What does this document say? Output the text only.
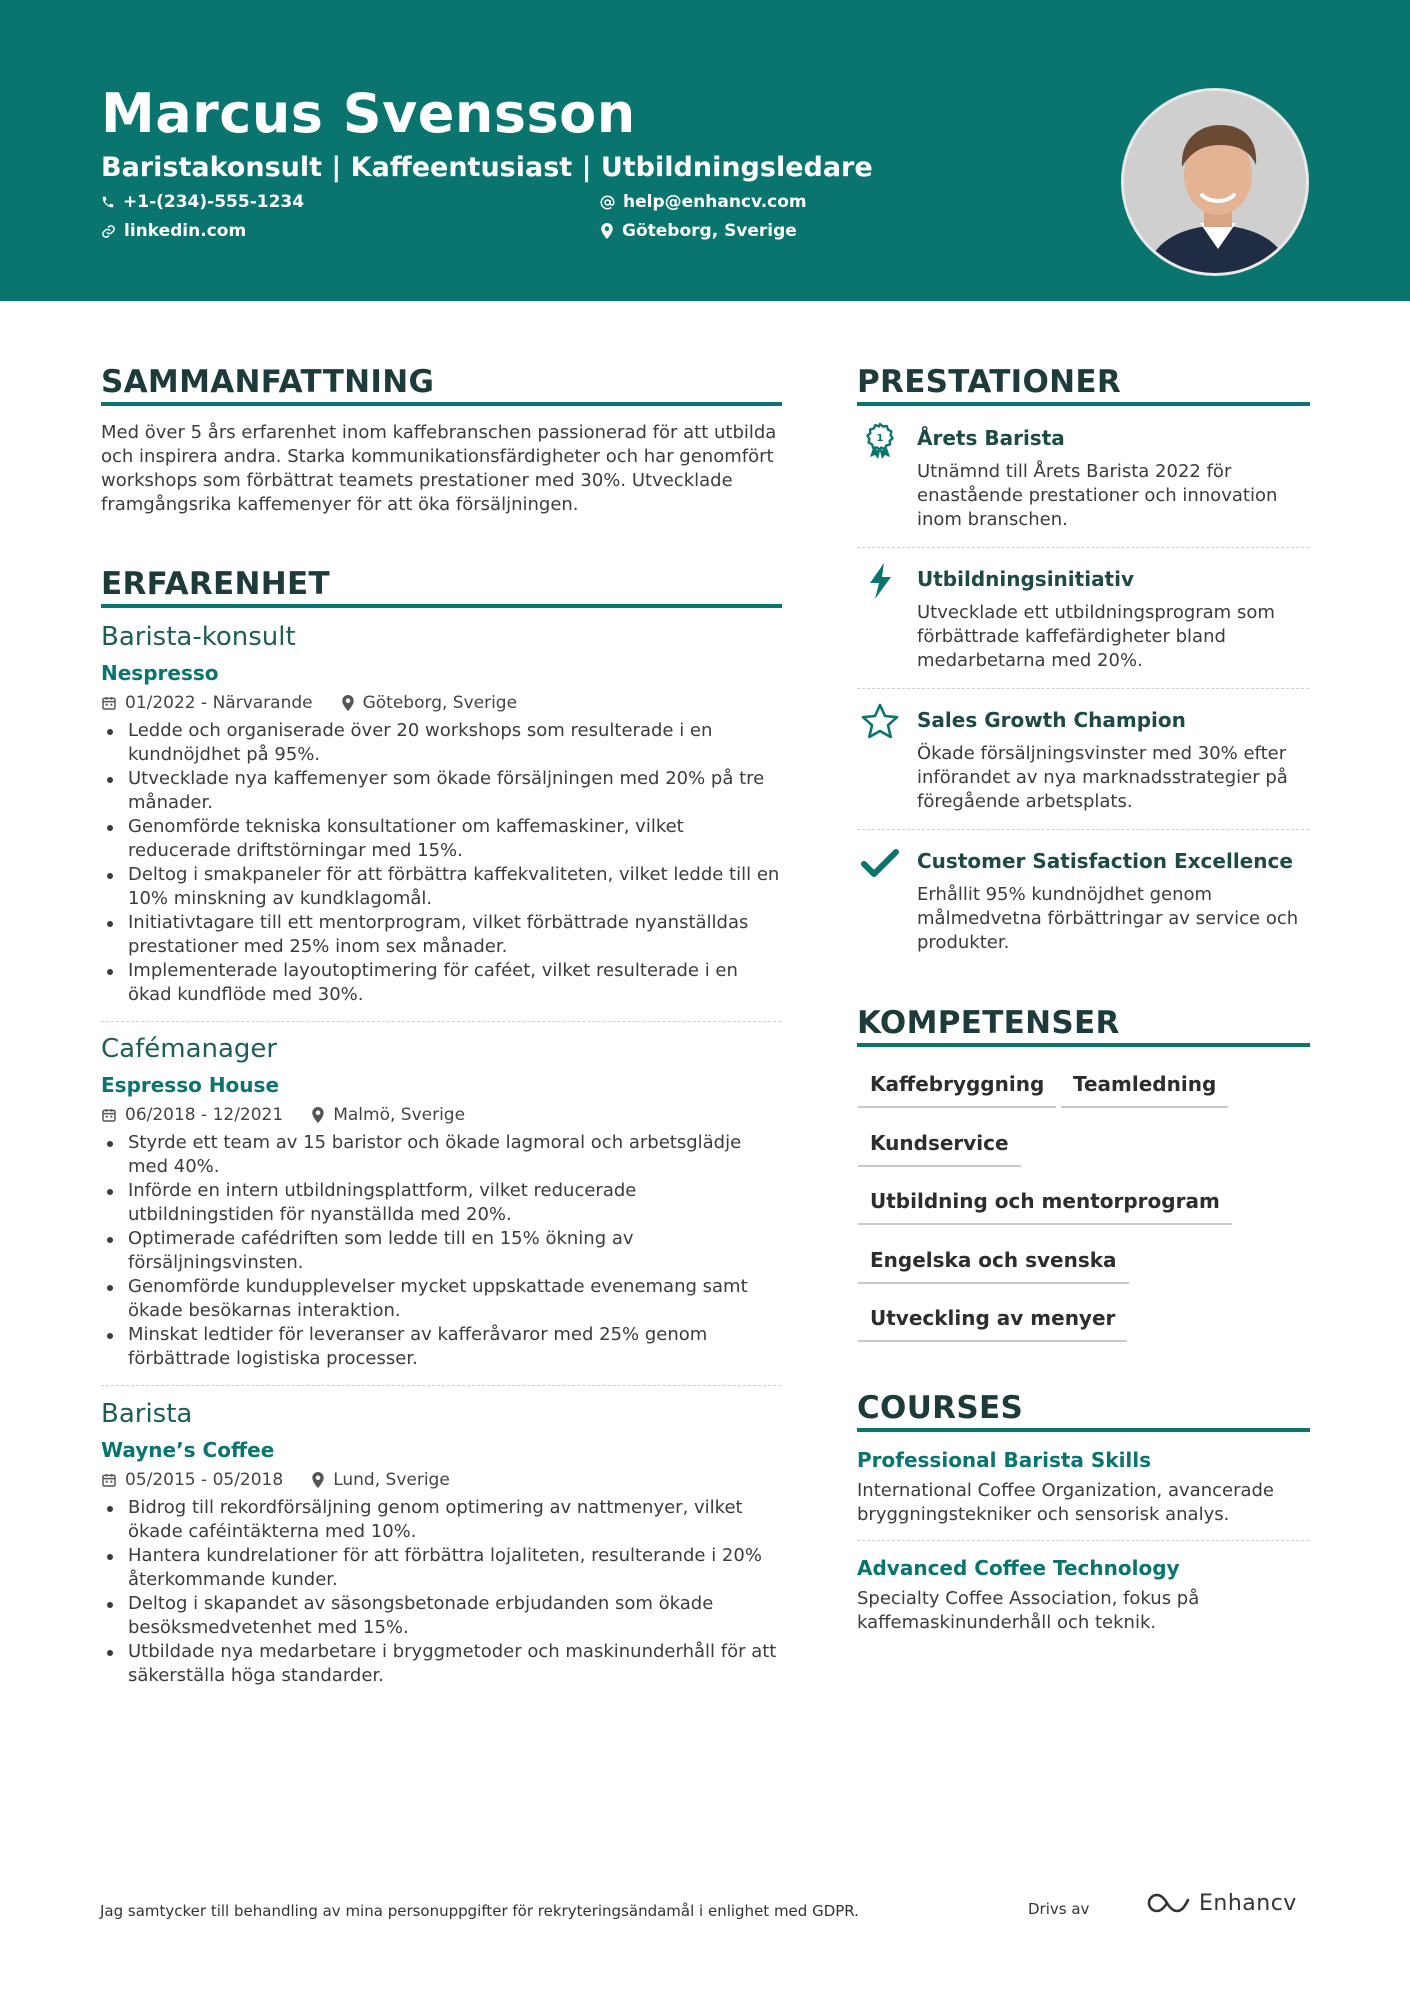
Marcus Svensson
Baristakonsult | Kaffeentusiast | Utbildningsledare
+1-(234)-555-1234	help@enhancv.com
linkedin.com	Göteborg, Sverige
SAMMANFATTNING
Med över 5 års erfarenhet inom kaffebranschen passionerad för att utbilda och inspirera andra. Starka kommunikationsfärdigheter och har genomfört workshops som förbättrat teamets prestationer med 30%. Utvecklade framgångsrika kaffemenyer för att öka försäljningen.
ERFARENHET
Barista-konsult
Nespresso
01/2022 - Närvarande	Göteborg, Sverige
Ledde och organiserade över 20 workshops som resulterade i en kundnöjdhet på 95%.
Utvecklade nya kaffemenyer som ökade försäljningen med 20% på tre månader.
Genomförde tekniska konsultationer om kaffemaskiner, vilket reducerade driftstörningar med 15%.
Deltog i smakpaneler för att förbättra kaffekvaliteten, vilket ledde till en 10% minskning av kundklagomål.
Initiativtagare till ett mentorprogram, vilket förbättrade nyanställdas prestationer med 25% inom sex månader.
Implementerade layoutoptimering för caféet, vilket resulterade i en ökad kundflöde med 30%.
Cafémanager
Espresso House
06/2018 - 12/2021	Malmö, Sverige
Styrde ett team av 15 baristor och ökade lagmoral och arbetsglädje med 40%.
Införde en intern utbildningsplattform, vilket reducerade utbildningstiden för nyanställda med 20%.
Optimerade cafédriften som ledde till en 15% ökning av försäljningsvinsten.
Genomförde kundupplevelser mycket uppskattade evenemang samt ökade besökarnas interaktion.
Minskat ledtider för leveranser av kafferåvaror med 25% genom förbättrade logistiska processer.
Barista
Wayne’s Coffee
05/2015 - 05/2018	Lund, Sverige
Bidrog till rekordförsäljning genom optimering av nattmenyer, vilket ökade caféintäkterna med 10%.
Hantera kundrelationer för att förbättra lojaliteten, resulterande i 20% återkommande kunder.
Deltog i skapandet av säsongsbetonade erbjudanden som ökade besöksmedvetenhet med 15%.
Utbildade nya medarbetare i bryggmetoder och maskinunderhåll för att säkerställa höga standarder.
PRESTATIONER
1 Årets Barista
Utnämnd till Årets Barista 2022 för enastående prestationer och innovation inom branschen.
Utbildningsinitiativ
Utvecklade ett utbildningsprogram som förbättrade kaffefärdigheter bland medarbetarna med 20%.
Sales Growth Champion
Ökade försäljningsvinster med 30% efter införandet av nya marknadsstrategier på föregående arbetsplats.
Customer Satisfaction Excellence
Erhållit 95% kundnöjdhet genom målmedvetna förbättringar av service och produkter.
KOMPETENSER
Kaffebryggning	Teamledning
Kundservice
Utbildning och mentorprogram
Engelska och svenska
Utveckling av menyer
COURSES
Professional Barista Skills
International Coffee Organization, avancerade bryggningstekniker och sensorisk analys.
Advanced Coffee Technology
Specialty Coffee Association, fokus på kaffemaskinunderhåll och teknik.
Jag samtycker till behandling av mina personuppgifter för rekryteringsändamål i enlighet med GDPR.	Drivs av	Enhancv
